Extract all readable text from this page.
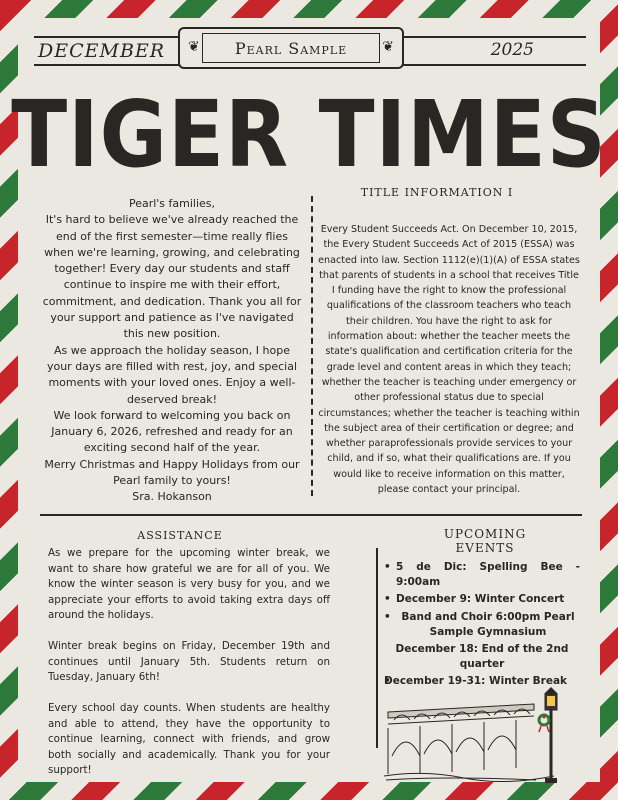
DECEMBER	2025
❦	Pearl Sample	❦
TIGER TIMES

Pearl's families,

It's hard to believe we've already reached the end of the first semester—time really flies when we're learning, growing, and celebrating together! Every day our students and staff continue to inspire me with their effort, commitment, and dedication. Thank you all for your support and patience as I've navigated this new position.

As we approach the holiday season, I hope your days are filled with rest, joy, and special moments with your loved ones. Enjoy a well-deserved break!

We look forward to welcoming you back on January 6, 2026, refreshed and ready for an exciting second half of the year.

Merry Christmas and Happy Holidays from our Pearl family to yours!

Sra. Hokanson

TITLE INFORMATION I
Every Student Succeeds Act. On December 10, 2015, the Every Student Succeeds Act of 2015 (ESSA) was enacted into law. Section 1112(e)(1)(A) of ESSA states that parents of students in a school that receives Title I funding have the right to know the professional qualifications of the classroom teachers who teach their children. You have the right to ask for information about: whether the teacher meets the state's qualification and certification criteria for the grade level and content areas in which they teach; whether the teacher is teaching under emergency or other professional status due to special circumstances; whether the teacher is teaching within the subject area of their certification or degree; and whether paraprofessionals provide services to your child, and if so, what their qualifications are. If you would like to receive information on this matter, please contact your principal.
ASSISTANCE

As we prepare for the upcoming winter break, we want to share how grateful we are for all of you. We know the winter season is very busy for you, and we appreciate your efforts to avoid taking extra days off around the holidays.

Winter break begins on Friday, December 19th and continues until January 5th. Students return on Tuesday, January 6th!

Every school day counts. When students are healthy and able to attend, they have the opportunity to continue learning, connect with friends, and grow both socially and academically. Thank you for your support!

UPCOMING EVENTS
• 5 de Dic: Spelling Bee - 9:00am
• December 9: Winter Concert
• Band and Choir 6:00pm Pearl Sample Gymnasium
December 18: End of the 2nd quarter
• December 19-31: Winter Break
